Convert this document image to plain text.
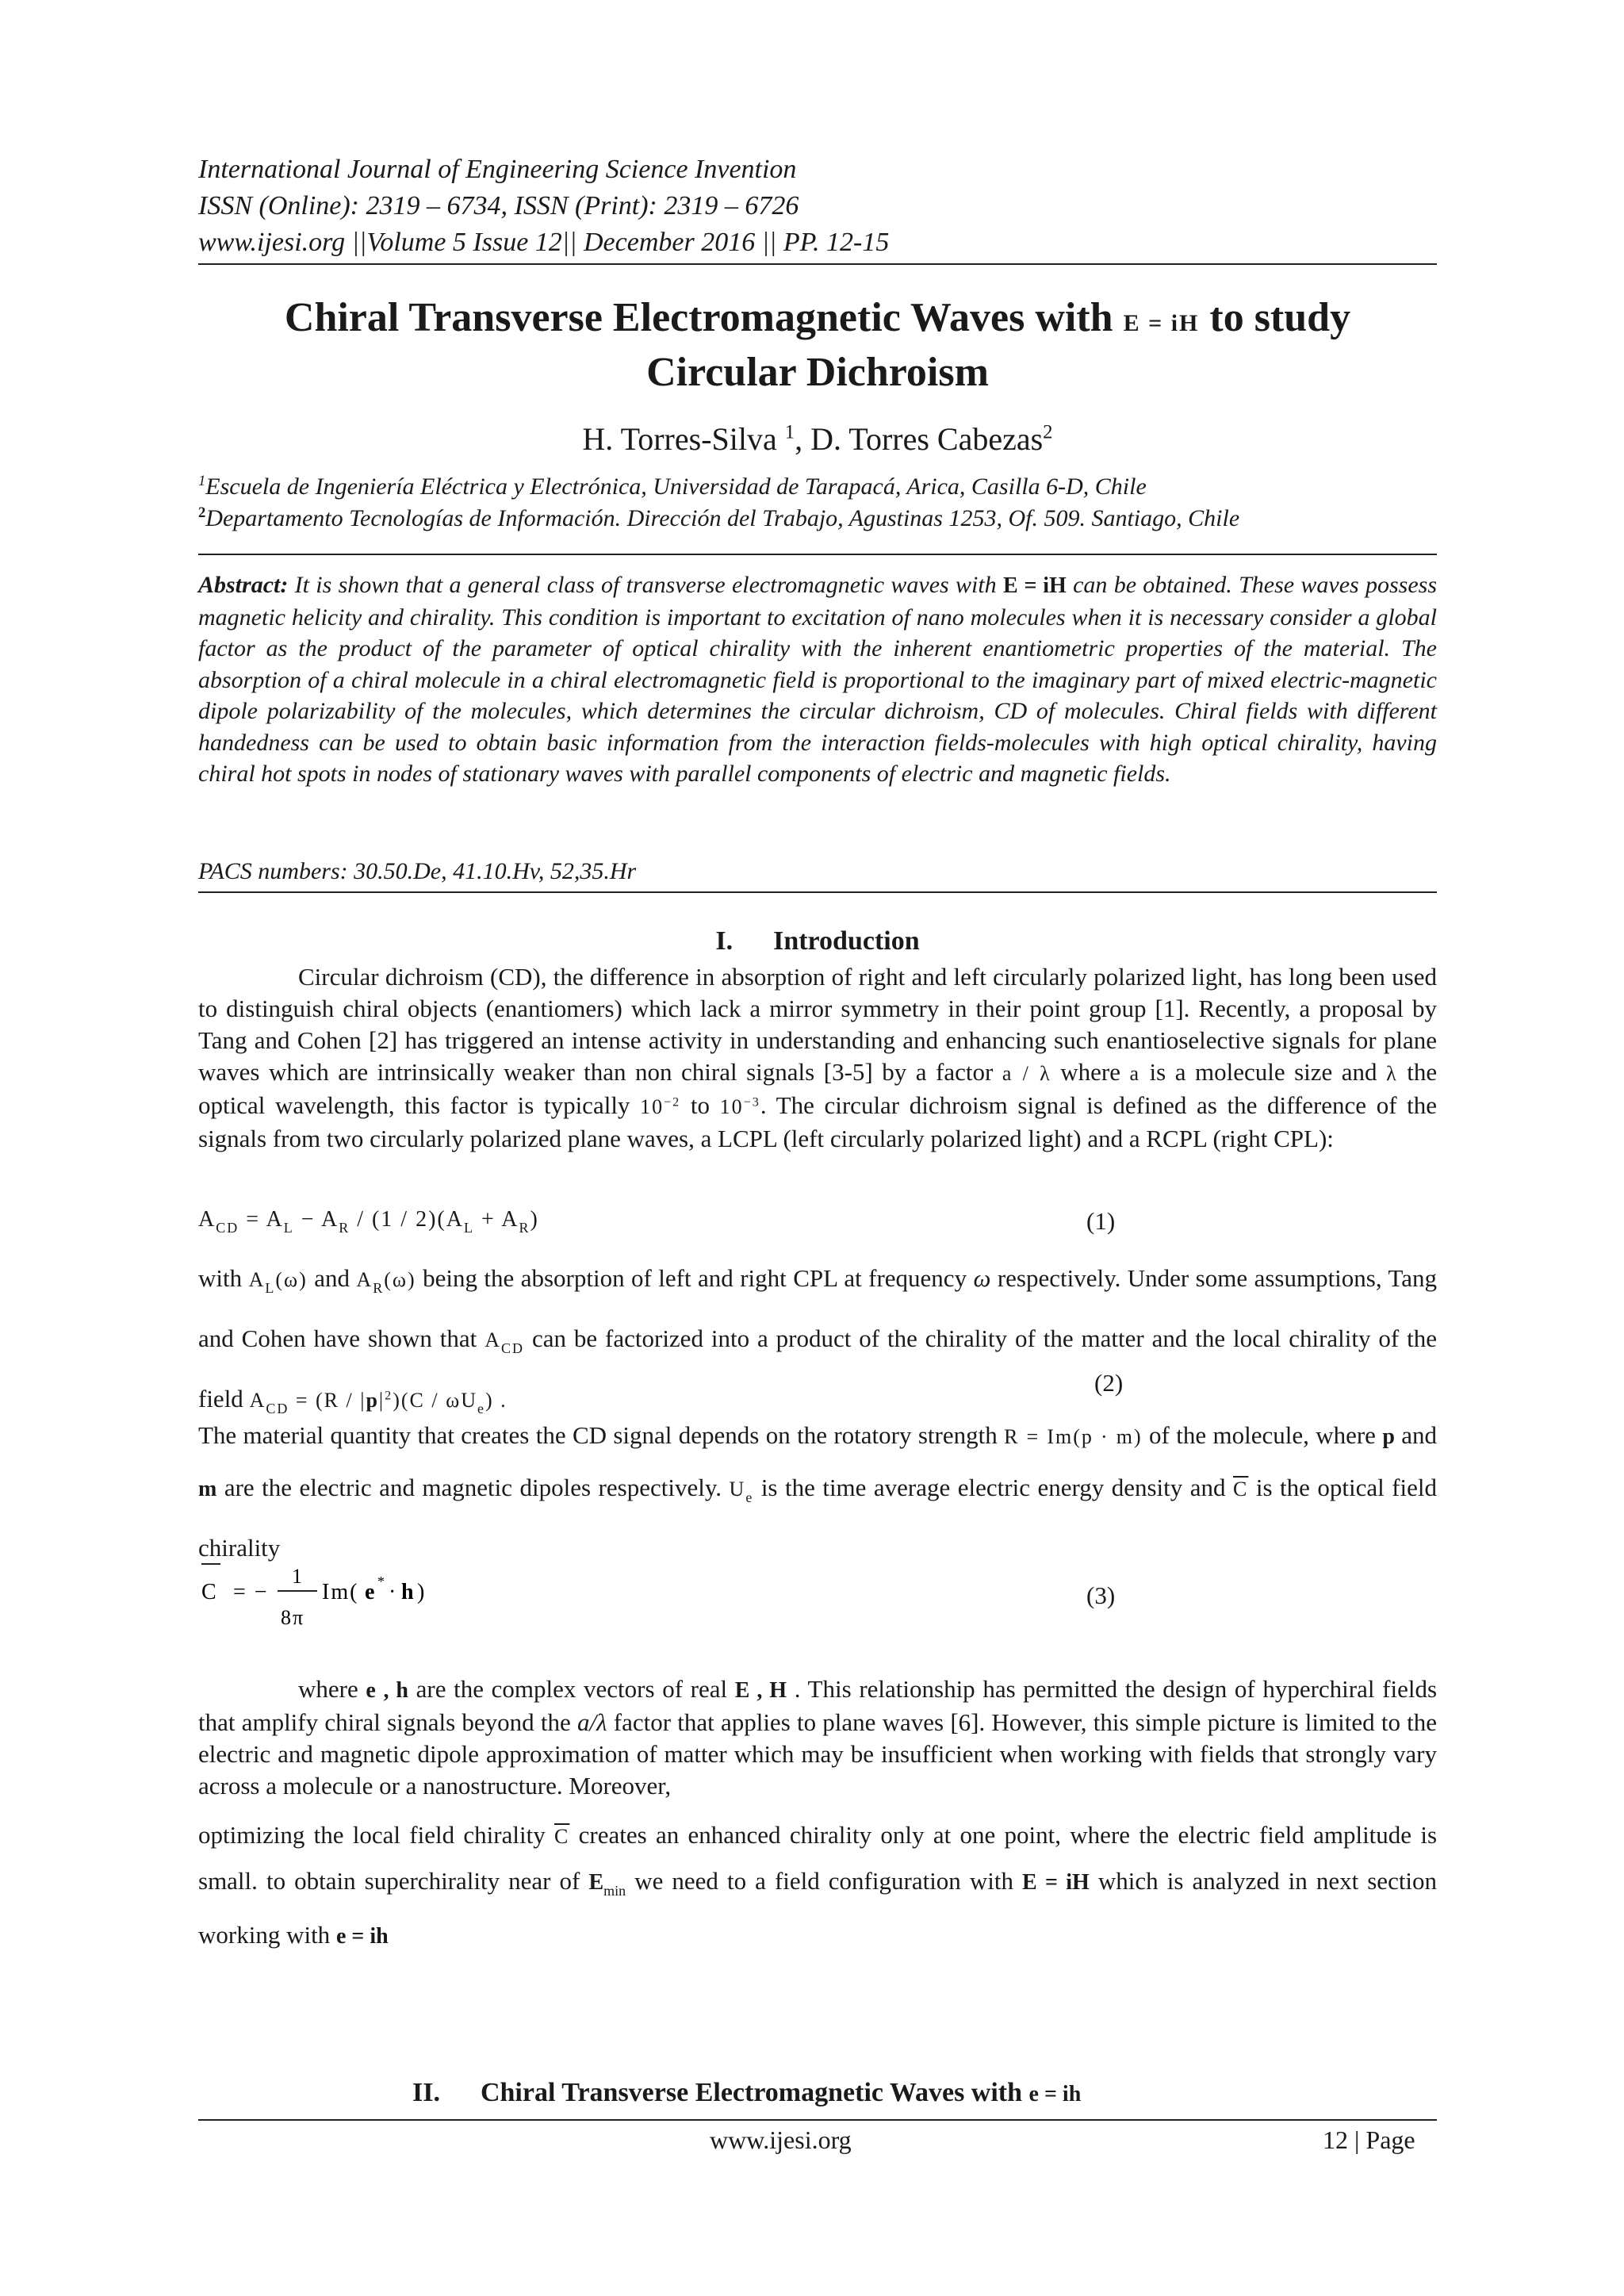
International Journal of Engineering Science Invention
ISSN (Online): 2319 – 6734, ISSN (Print): 2319 – 6726
www.ijesi.org ||Volume 5 Issue 12|| December 2016 || PP. 12-15
Chiral Transverse Electromagnetic Waves with E = iH to study
Circular Dichroism
H. Torres-Silva $^1$, D. Torres Cabezas$^2$
$^1$Escuela de Ingeniería Eléctrica y Electrónica, Universidad de Tarapacá, Arica, Casilla 6-D, Chile
$^2$Departamento Tecnologías de Información. Dirección del Trabajo, Agustinas 1253, Of. 509. Santiago, Chile
Abstract: It is shown that a general class of transverse electromagnetic waves with E = iH can be obtained. These waves possess magnetic helicity and chirality. This condition is important to excitation of nano molecules when it is necessary consider a global factor as the product of the parameter of optical chirality with the inherent enantiometric properties of the material. The absorption of a chiral molecule in a chiral electromagnetic field is proportional to the imaginary part of mixed electric-magnetic dipole polarizability of the molecules, which determines the circular dichroism, CD of molecules. Chiral fields with different handedness can be used to obtain basic information from the interaction fields-molecules with high optical chirality, having chiral hot spots in nodes of stationary waves with parallel components of electric and magnetic fields.
PACS numbers: 30.50.De, 41.10.Hv, 52,35.Hr
I. Introduction
Circular dichroism (CD), the difference in absorption of right and left circularly polarized light, has long been used to distinguish chiral objects (enantiomers) which lack a mirror symmetry in their point group [1]. Recently, a proposal by Tang and Cohen [2] has triggered an intense activity in understanding and enhancing such enantioselective signals for plane waves which are intrinsically weaker than non chiral signals [3-5] by a factor a / λ where a is a molecule size and λ the optical wavelength, this factor is typically $10^{-2}$ to $10^{-3}$. The circular dichroism signal is defined as the difference of the signals from two circularly polarized plane waves, a LCPL (left circularly polarized light) and a RCPL (right CPL):
$A_{CD} = A_L - A_R / (1 / 2)(A_L + A_R)$	(1)
with $A_L(\omega)$ and $A_R(\omega)$ being the absorption of left and right CPL at frequency ω respectively. Under some assumptions, Tang and Cohen have shown that $A_{CD}$ can be factorized into a product of the chirality of the matter and the local chirality of the field $A_{CD} = (R / |p|^2)(C / \omega U_e)$ .
(2)
The material quantity that creates the CD signal depends on the rotatory strength R = Im(p · m) of the molecule, where p and m are the electric and magnetic dipoles respectively. $U_e$ is the time average electric energy density and $\overline{C}$ is the optical field chirality
C = −
1
8π
Im( e * · h )	(3)
where e , h are the complex vectors of real E , H . This relationship has permitted the design of hyperchiral fields that amplify chiral signals beyond the a/λ factor that applies to plane waves [6]. However, this simple picture is limited to the electric and magnetic dipole approximation of matter which may be insufficient when working with fields that strongly vary across a molecule or a nanostructure. Moreover,
optimizing the local field chirality $\overline{C}$ creates an enhanced chirality only at one point, where the electric field amplitude is small. to obtain superchirality near of $E_{min}$ we need to a field configuration with E = iH which is analyzed in next section working with e = ih
II. Chiral Transverse Electromagnetic Waves with e = ih
www.ijesi.org	12 | Page
